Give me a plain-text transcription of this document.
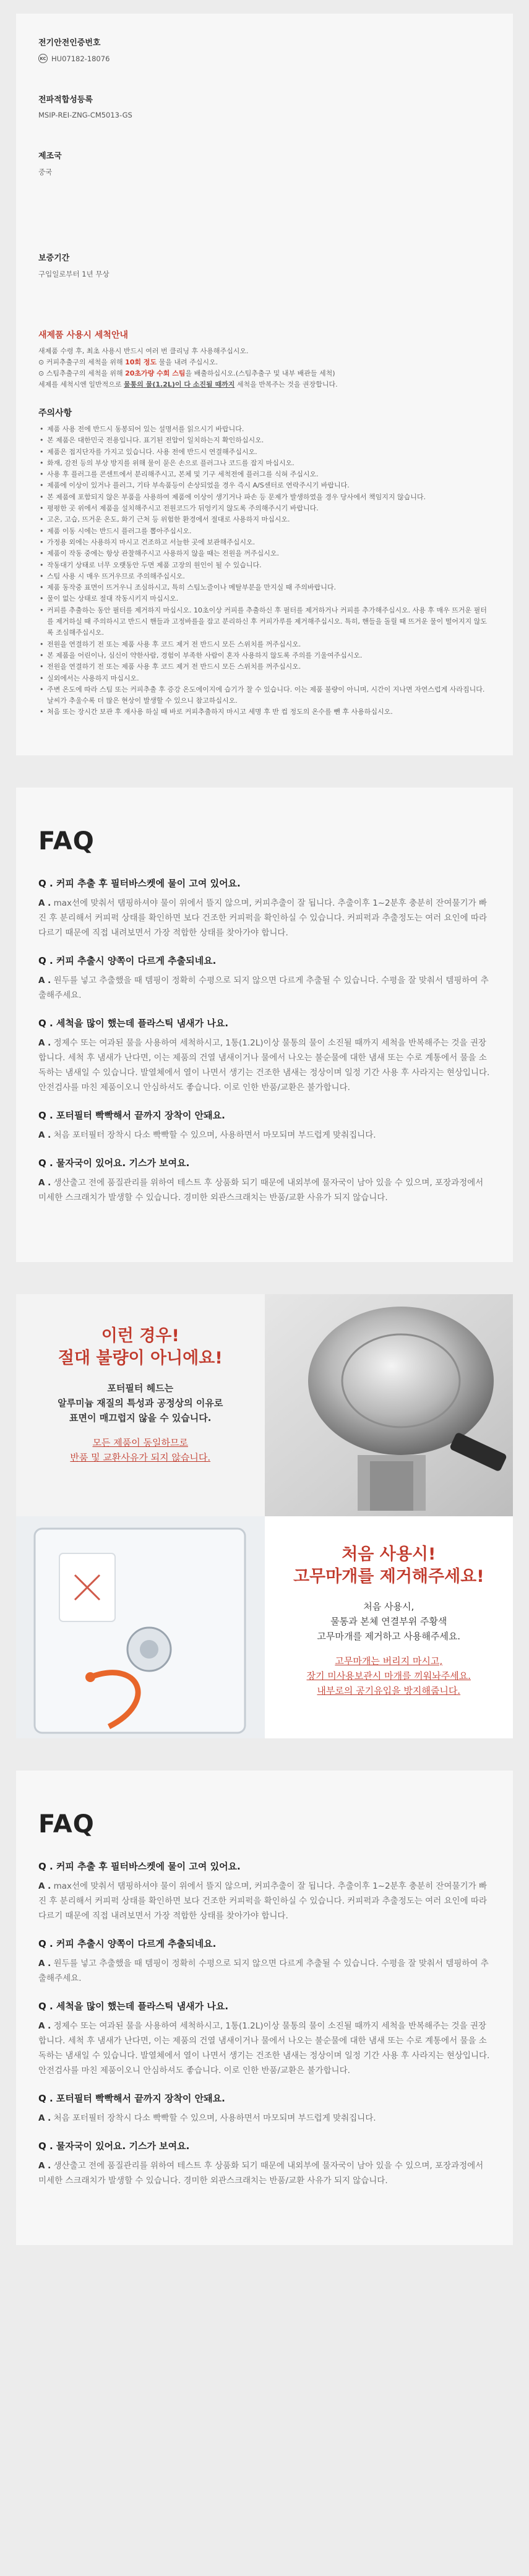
전기안전인증번호
KC HU07182-18076
전파적합성등록
MSIP-REI-ZNG-CM5013-GS
제조국
중국
보증기간
구입일로부터 1년 무상
새제품 사용시 세척안내
새제품 수령 후, 최초 사용시 반드시 여러 번 클리닝 후 사용해주십시오.
⊙ 커피추출구의 세척을 위해 10회 정도 물을 내려 주십시오.
⊙ 스팀추출구의 세척을 위해 20초가량 수회 스팀을 배출하십시오.(스팀추출구 및 내부 배관들 세척)
세제를 세척시엔 일반적으로 물통의 물(1.2L)이 다 소진될 때까지 세척을 반복주는 것을 권장합니다.
주의사항
• 제품 사용 전에 반드시 동봉되어 있는 설명서를 읽으시기 바랍니다.
• 본 제품은 대한민국 전용입니다. 표기된 전압이 일치하는지 확인하십시오.
• 제품은 접지단자를 가지고 있습니다. 사용 전에 반드시 연결해주십시오.
• 화재, 감전 등의 부상 방지를 위해 물이 묻은 손으로 플러그나 코드를 잡지 마십시오.
• 사용 후 플러그를 콘센트에서 분리해주시고, 본체 및 기구 세척전에 플러그를 식혀 주십시오.
• 제품에 이상이 있거나 플러그, 기타 부속품등이 손상되었을 경우 즉시 A/S센터로 연락주시기 바랍니다.
• 본 제품에 포함되지 않은 부품을 사용하여 제품에 이상이 생기거나 파손 등 문제가 발생하였을 경우 당사에서 책임지지 않습니다.
• 평평한 곳 위에서 제품을 설치해주시고 전원코드가 뒤엉키지 않도록 주의해주시기 바랍니다.
• 고온, 고습, 뜨거운 온도, 화기 근처 등 위험한 환경에서 절대로 사용하지 마십시오.
• 제품 이동 시에는 반드시 플러그를 뽑아주십시오.
• 가정용 외에는 사용하지 마시고 건조하고 서늘한 곳에 보관해주십시오.
• 제품이 작동 중에는 항상 관찰해주시고 사용하지 않을 때는 전원을 꺼주십시오.
• 작동대기 상태로 너무 오랫동안 두면 제품 고장의 원인이 될 수 있습니다.
• 스팀 사용 시 매우 뜨거우므로 주의해주십시오.
• 제품 동작중 표면이 뜨거우니 조심하시고, 특히 스팀노즐이나 메탈부분을 만지실 때 주의바랍니다.
• 물이 없는 상태로 절대 작동시키지 마십시오.
• 커피를 추출하는 동안 필터를 제거하지 마십시오. 10초이상 커피를 추출하신 후 필터를 제거하거나 커피를 추가해주십시오. 사용 후 매우 뜨거운 필터를 제거하실 때 주의하시고 반드시 핸들과 고정바를을 잡고 분리하신 후 커피가루를 제거해주십시오. 특히, 핸들을 돌릴 때 뜨거운 물이 떨어지지 않도록 조심해주십시오.
• 전원을 연결하기 전 또는 제품 사용 후 코드 제거 전 반드시 모든 스위치를 꺼주십시오.
• 본 제품을 어린이나, 심신이 약한사람, 경험이 부족한 사람이 혼자 사용하지 않도록 주의를 기울여주십시오.
• 전원을 연결하기 전 또는 제품 사용 후 코드 제거 전 반드시 모든 스위치를 꺼주십시오.
• 실외에서는 사용하지 마십시오.
• 주변 온도에 따라 스팀 또는 커피추출 후 증강 온도에이지에 습기가 찰 수 있습니다. 이는 제품 불량이 아니며, 시간이 지나면 자연스럽게 사라집니다. 날씨가 추울수록 더 많은 현상이 발생할 수 있으니 참고하십시오.
• 처음 또는 장시간 보관 후 재사용 하실 때 바로 커피추출하지 마시고 세명 후 반 컵 정도의 온수를 뺀 후 사용하십시오.
FAQ
Q . 커피 추출 후 필터바스켓에 물이 고여 있어요.
A . max선에 맞춰서 탬핑하셔야 물이 위에서 뜰지 않으며, 커피추출이 잘 됩니다. 추출이후 1~2분후 충분히 잔여물기가 빠진 후 분리해서 커피퍽 상태를 확인하면 보다 건조한 커피퍽을 확인하실 수 있습니다. 커피퍽과 추출정도는 여러 요인에 따라 다르기 때문에 직접 내려보면서 가장 적합한 상태를 찾아가야 합니다.
Q . 커피 추출시 양쪽이 다르게 추출되네요.
A . 원두를 넣고 추출했을 때 템핑이 정확히 수평으로 되지 않으면 다르게 추출될 수 있습니다. 수평을 잘 맞춰서 템핑하여 추출해주세요.
Q . 세척을 많이 했는데 플라스틱 냄새가 나요.
A . 정제수 또는 여과된 물을 사용하여 세척하시고, 1통(1.2L)이상 물통의 물이 소진될 때까지 세척을 반복해주는 것을 권장합니다. 세척 후 냄새가 난다면, 이는 제품의 건열 냄새이거나 물에서 나오는 불순물에 대한 냄새 또는 수로 계통에서 물을 소독하는 냄새일 수 있습니다. 발열체에서 열이 나면서 생기는 건조한 냄새는 정상이며 일정 기간 사용 후 사라지는 현상입니다. 안전검사를 마친 제품이오니 안심하셔도 좋습니다. 이로 인한 반품/교환은 불가합니다.
Q . 포터필터 빡빡해서 끝까지 장착이 안돼요.
A . 처음 포터필터 장착시 다소 빡빡할 수 있으며, 사용하면서 마모되며 부드럽게 맞춰집니다.
Q . 물자국이 있어요. 기스가 보여요.
A . 생산출고 전에 품질관리를 위하여 테스트 후 상품화 되기 때문에 내외부에 물자국이 남아 있을 수 있으며, 포장과정에서 미세한 스크래치가 발생할 수 있습니다. 경미한 외관스크래치는 반품/교환 사유가 되지 않습니다.
이런 경우!
절대 불량이 아니에요!
포터필터 헤드는
알루미늄 재질의 특성과 공정상의 이유로
표면이 매끄럽지 않을 수 있습니다.
모든 제품이 동일하므로
반품 및 교환사유가 되지 않습니다.
처음 사용시!
고무마개를 제거해주세요!
처음 사용시,
물통과 본체 연결부위 주황색
고무마개를 제거하고 사용해주세요.
고무마개는 버리지 마시고,
장기 미사용보관시 마개를 끼워놔주세요.
내부로의 공기유입을 방지해줍니다.
FAQ
Q . 커피 추출 후 필터바스켓에 물이 고여 있어요.
A . max선에 맞춰서 탬핑하셔야 물이 위에서 뜰지 않으며, 커피추출이 잘 됩니다. 추출이후 1~2분후 충분히 잔여물기가 빠진 후 분리해서 커피퍽 상태를 확인하면 보다 건조한 커피퍽을 확인하실 수 있습니다. 커피퍽과 추출정도는 여러 요인에 따라 다르기 때문에 직접 내려보면서 가장 적합한 상태를 찾아가야 합니다.
Q . 커피 추출시 양쪽이 다르게 추출되네요.
A . 원두를 넣고 추출했을 때 템핑이 정확히 수평으로 되지 않으면 다르게 추출될 수 있습니다. 수평을 잘 맞춰서 템핑하여 추출해주세요.
Q . 세척을 많이 했는데 플라스틱 냄새가 나요.
A . 정제수 또는 여과된 물을 사용하여 세척하시고, 1통(1.2L)이상 물통의 물이 소진될 때까지 세척을 반복해주는 것을 권장합니다. 세척 후 냄새가 난다면, 이는 제품의 건열 냄새이거나 물에서 나오는 불순물에 대한 냄새 또는 수로 계통에서 물을 소독하는 냄새일 수 있습니다. 발열체에서 열이 나면서 생기는 건조한 냄새는 정상이며 일정 기간 사용 후 사라지는 현상입니다. 안전검사를 마친 제품이오니 안심하셔도 좋습니다. 이로 인한 반품/교환은 불가합니다.
Q . 포터필터 빡빡해서 끝까지 장착이 안돼요.
A . 처음 포터필터 장착시 다소 빡빡할 수 있으며, 사용하면서 마모되며 부드럽게 맞춰집니다.
Q . 물자국이 있어요. 기스가 보여요.
A . 생산출고 전에 품질관리를 위하여 테스트 후 상품화 되기 때문에 내외부에 물자국이 남아 있을 수 있으며, 포장과정에서 미세한 스크래치가 발생할 수 있습니다. 경미한 외관스크래치는 반품/교환 사유가 되지 않습니다.
